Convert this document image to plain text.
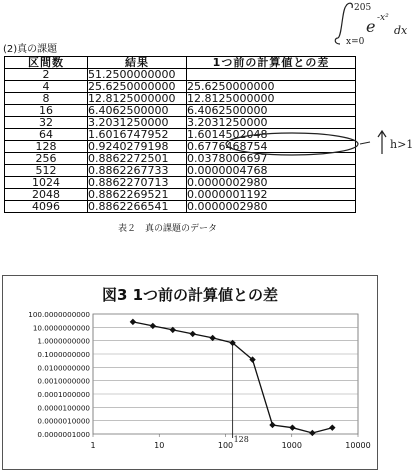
205
x=0
e -x²
dx
(2)真の課題
区間数	結果	1つ前の計算値との差
2	51.2500000000	
4	25.6250000000	25.6250000000
8	12.8125000000	12.8125000000
16	6.4062500000	6.4062500000
32	3.2031250000	3.2031250000
64	1.6016747952	1.6014502048
128	0.9240279198	0.6776468754
256	0.8862272501	0.0378006697
512	0.8862267733	0.0000004768
1024	0.8862270713	0.0000002980
2048	0.8862269521	0.0000001192
4096	0.8862266541	0.0000002980
表２　真の課題のデータ
h>1
図3 1つ前の計算値との差
100.0000000000
10.0000000000
1.0000000000
0.1000000000
0.0100000000
0.0010000000
0.0001000000
0.0000100000
0.0000010000
0.0000001000
1	10	100	1000	10000
128
